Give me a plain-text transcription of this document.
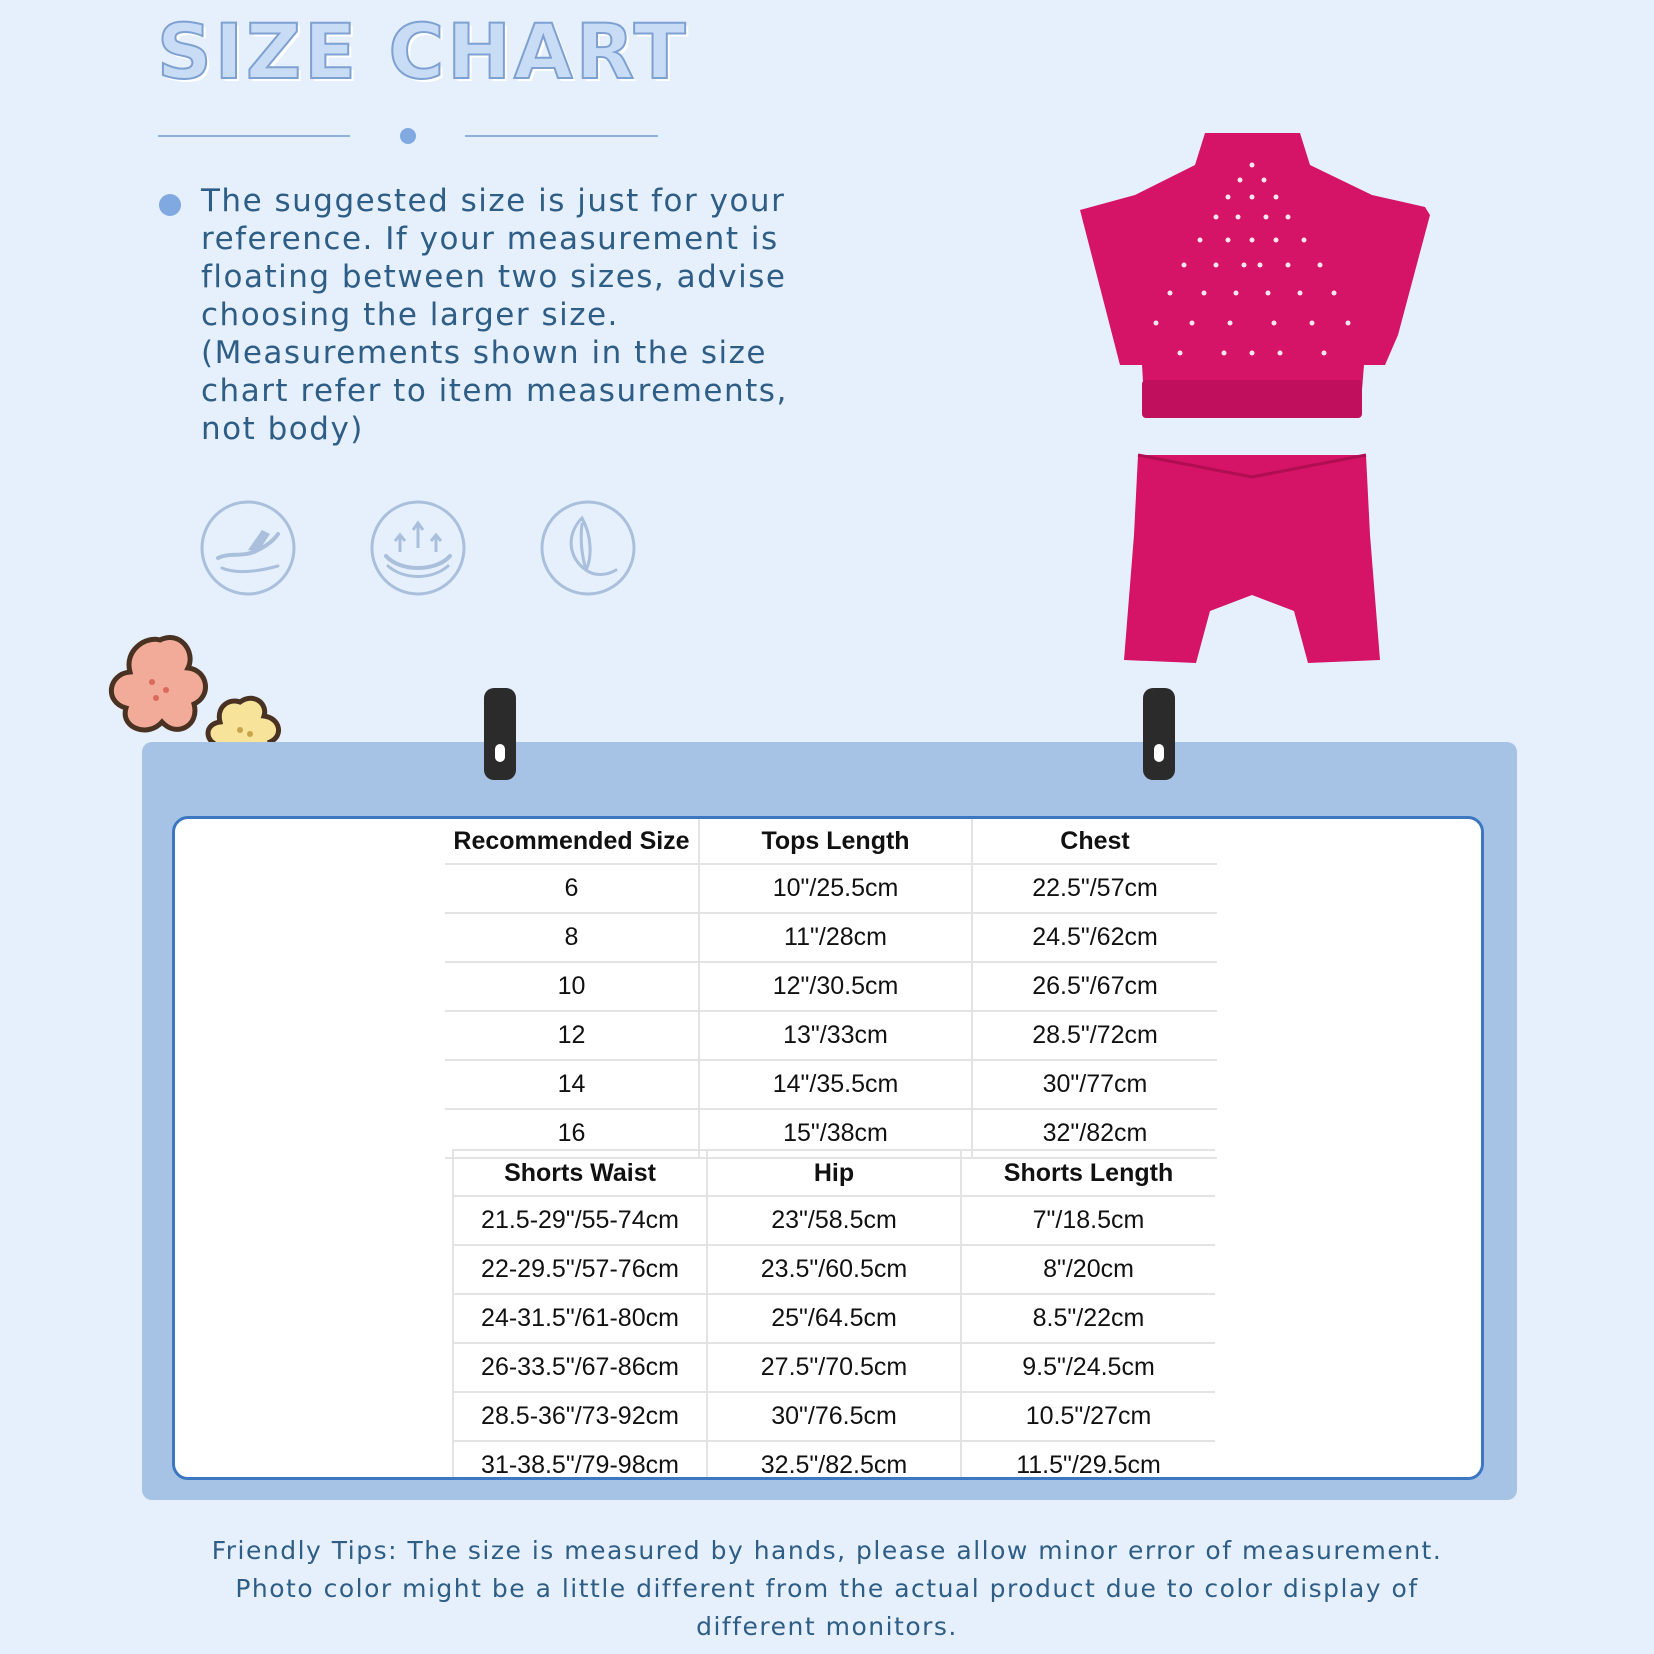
SIZE CHART

The suggested size is just for your
reference. If your measurement is
floating between two sizes, advise
choosing the larger size.
(Measurements shown in the size
chart refer to item measurements,
not body)

Recommended Size	Tops Length	Chest
6	10"/25.5cm	22.5"/57cm
8	11"/28cm	24.5"/62cm
10	12"/30.5cm	26.5"/67cm
12	13"/33cm	28.5"/72cm
14	14"/35.5cm	30"/77cm
16	15"/38cm	32"/82cm
Shorts Waist	Hip	Shorts Length
21.5-29"/55-74cm	23"/58.5cm	7"/18.5cm
22-29.5"/57-76cm	23.5"/60.5cm	8"/20cm
24-31.5"/61-80cm	25"/64.5cm	8.5"/22cm
26-33.5"/67-86cm	27.5"/70.5cm	9.5"/24.5cm
28.5-36"/73-92cm	30"/76.5cm	10.5"/27cm
31-38.5"/79-98cm	32.5"/82.5cm	11.5"/29.5cm

Friendly Tips: The size is measured by hands, please allow minor error of measurement.
Photo color might be a little different from the actual product due to color display of
different monitors.
